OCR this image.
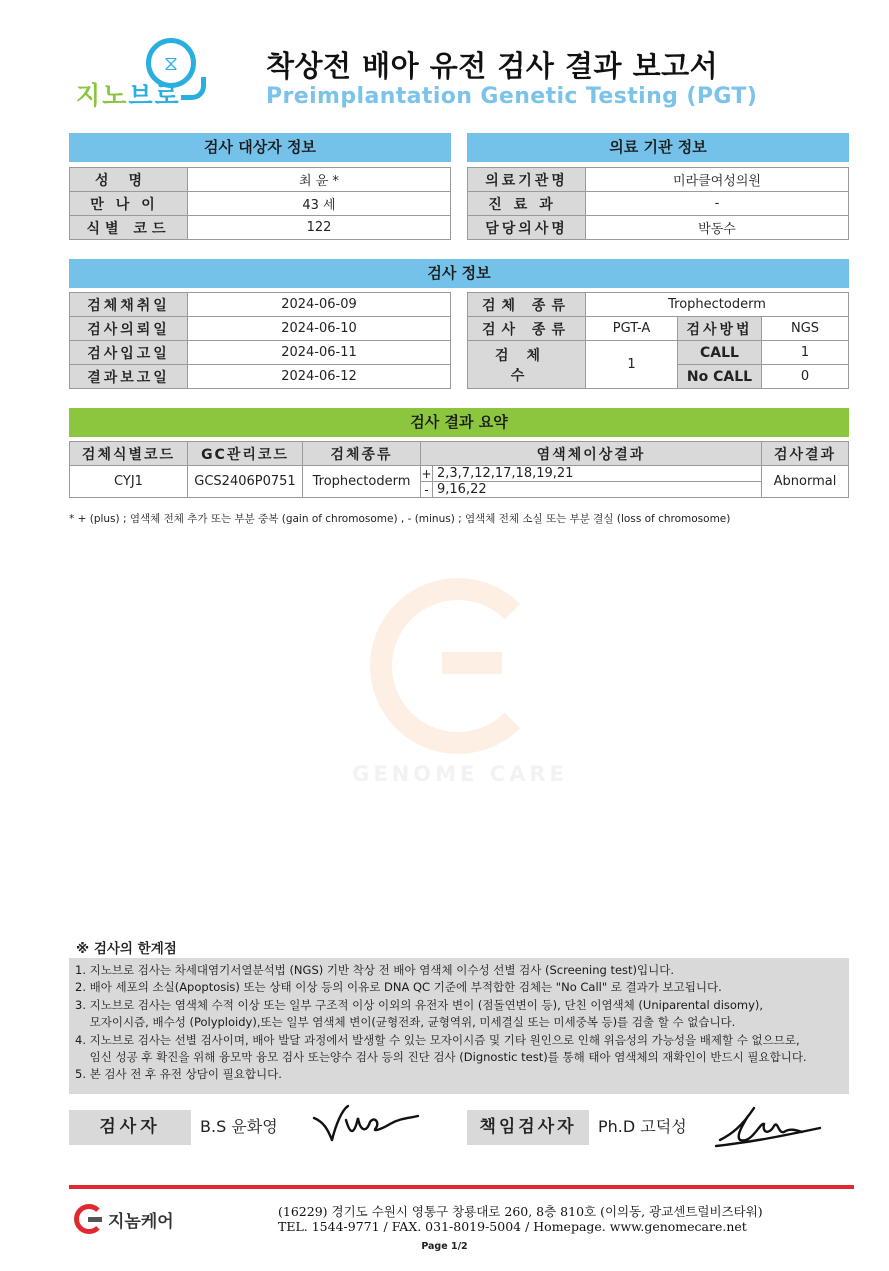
⧖
지노브로
착상전 배아 유전 검사 결과 보고서
Preimplantation Genetic Testing (PGT)
검사 대상자 정보
성명	최 윤 *
만나이	43 세
식별 코드	122
의료 기관 정보
의료기관명	미라클여성의원
진료과	-
담당의사명	박동수
검사 정보
검체채취일	2024-06-09
검사의뢰일	2024-06-10
검사입고일	2024-06-11
결과보고일	2024-06-12
검체 종류	Trophectoderm		
검사 종류	PGT-A	검사방법	NGS
검체 수	1	CALL	1
		No CALL	0
검사 결과 요약
검체식별코드	GC관리코드	검체종류	염색체이상결과		검사결과
CYJ1	GCS2406P0751	Trophectoderm	+	2,3,7,12,17,18,19,21	Abnormal
			-	9,16,22	
* + (plus) ; 염색체 전체 추가 또는 부분 중복 (gain of chromosome) , - (minus) ; 염색체 전체 소실 또는 부분 결실 (loss of chromosome)
GENOME CARE
※ 검사의 한계점

1. 지노브로 검사는 차세대염기서열분석법 (NGS) 기반 착상 전 배아 염색체 이수성 선별 검사 (Screening test)입니다.

2. 배아 세포의 소실(Apoptosis) 또는 상태 이상 등의 이유로 DNA QC 기준에 부적합한 검체는 "No Call" 로 결과가 보고됩니다.

3. 지노브로 검사는 염색체 수적 이상 또는 일부 구조적 이상 이외의 유전자 변이 (점돌연변이 등), 단친 이염색체 (Uniparental disomy),

모자이시즘, 배수성 (Polyploidy),또는 일부 염색체 변이(균형전좌, 균형역위, 미세결실 또는 미세중복 등)를 검출 할 수 없습니다.

4. 지노브로 검사는 선별 검사이며, 배아 발달 과정에서 발생할 수 있는 모자이시즘 및 기타 원인으로 인해 위음성의 가능성을 배제할 수 없으므로,

임신 성공 후 확진을 위해 융모막 융모 검사 또는양수 검사 등의 진단 검사 (Dignostic test)를 통해 태아 염색체의 재확인이 반드시 필요합니다.

5. 본 검사 전 후 유전 상담이 필요합니다.

검사자	B.S 윤화영	책임검사자	Ph.D 고덕성
지놈케어
(16229) 경기도 수원시 영통구 창룡대로 260, 8층 810호 (이의동, 광교센트럴비즈타워)
TEL. 1544-9771 / FAX. 031-8019-5004 / Homepage. www.genomecare.net
Page 1/2
